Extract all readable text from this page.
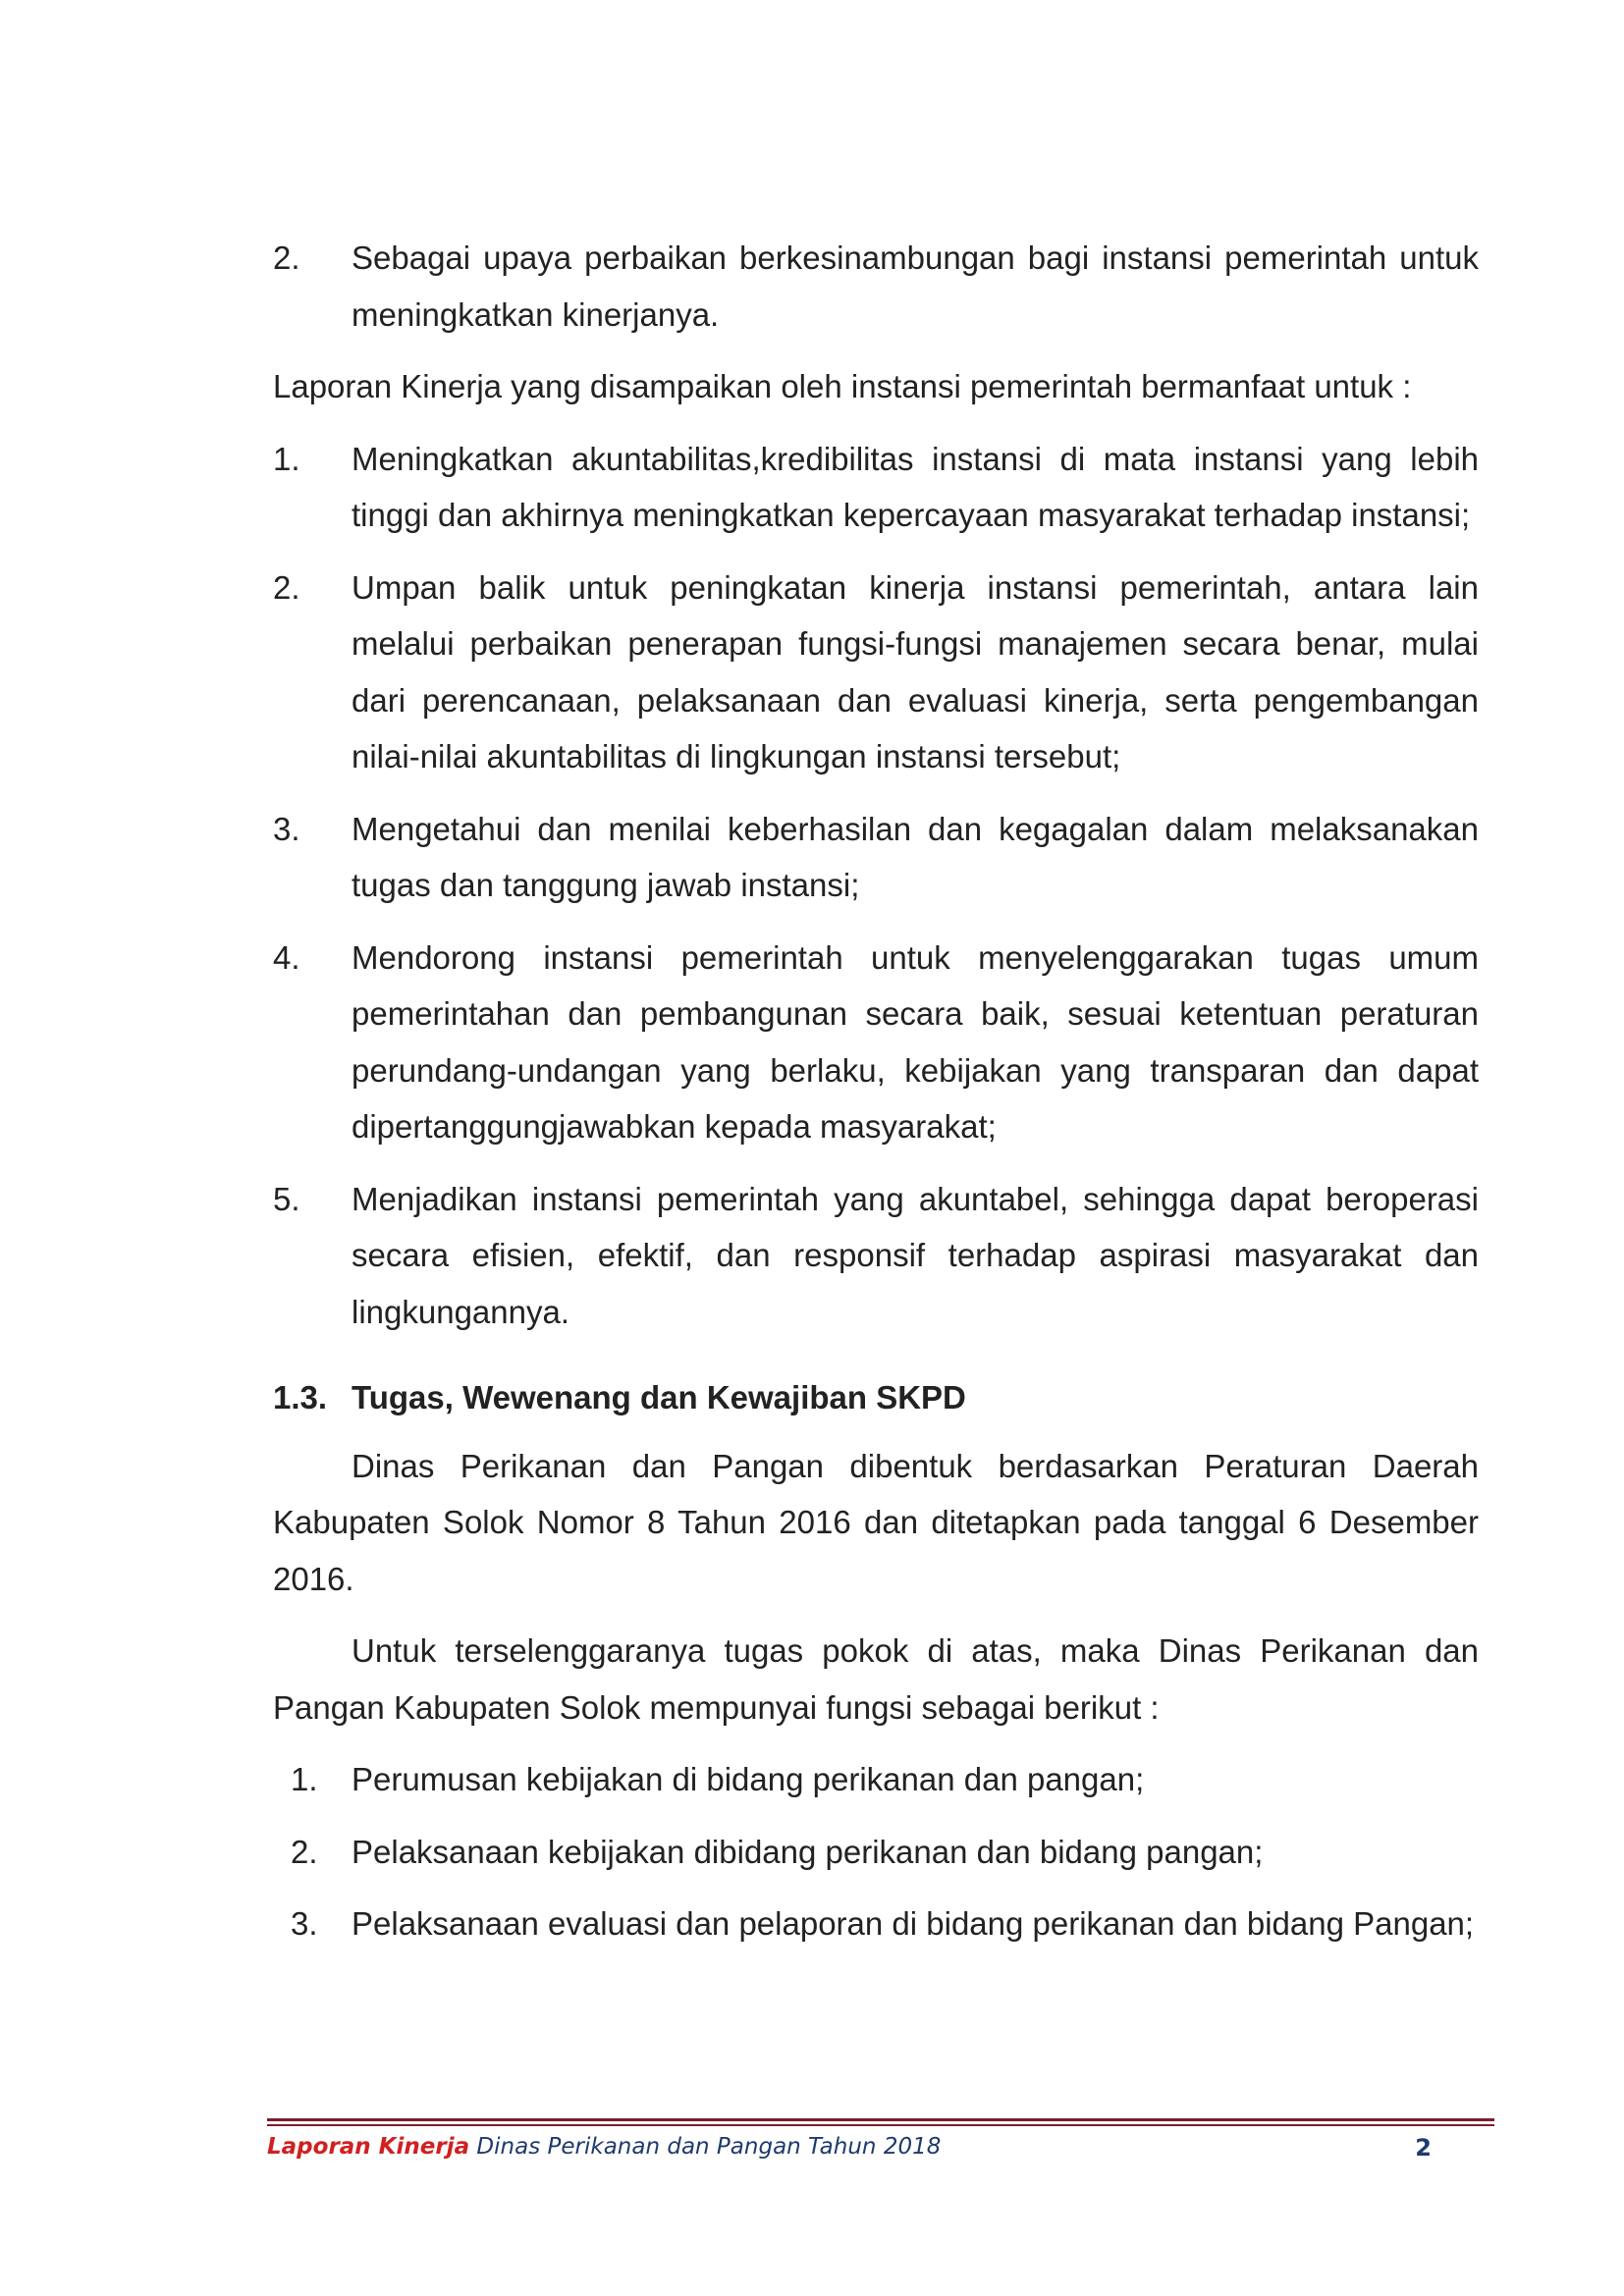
2. Sebagai upaya perbaikan berkesinambungan bagi instansi pemerintah untuk meningkatkan kinerjanya.
Laporan Kinerja yang disampaikan oleh instansi pemerintah bermanfaat untuk :
1. Meningkatkan akuntabilitas,kredibilitas instansi di mata instansi yang lebih tinggi dan akhirnya meningkatkan kepercayaan masyarakat terhadap instansi;
2. Umpan balik untuk peningkatan kinerja instansi pemerintah, antara lain melalui perbaikan penerapan fungsi-fungsi manajemen secara benar, mulai dari perencanaan, pelaksanaan dan evaluasi kinerja, serta pengembangan nilai-nilai akuntabilitas di lingkungan instansi tersebut;
3. Mengetahui dan menilai keberhasilan dan kegagalan dalam melaksanakan tugas dan tanggung jawab instansi;
4. Mendorong instansi pemerintah untuk menyelenggarakan tugas umum pemerintahan dan pembangunan secara baik, sesuai ketentuan peraturan perundang-undangan yang berlaku, kebijakan yang transparan dan dapat dipertanggungjawabkan kepada masyarakat;
5. Menjadikan instansi pemerintah yang akuntabel, sehingga dapat beroperasi secara efisien, efektif, dan responsif terhadap aspirasi masyarakat dan lingkungannya.
1.3. Tugas, Wewenang dan Kewajiban SKPD
Dinas Perikanan dan Pangan dibentuk berdasarkan Peraturan Daerah Kabupaten Solok Nomor 8 Tahun 2016 dan ditetapkan pada tanggal 6 Desember 2016.
Untuk terselenggaranya tugas pokok di atas, maka Dinas Perikanan dan Pangan Kabupaten Solok mempunyai fungsi sebagai berikut :
1. Perumusan kebijakan di bidang perikanan dan pangan;
2. Pelaksanaan kebijakan dibidang perikanan dan bidang pangan;
3. Pelaksanaan evaluasi dan pelaporan di bidang perikanan dan bidang Pangan;
Laporan Kinerja Dinas Perikanan dan Pangan Tahun 2018	2
